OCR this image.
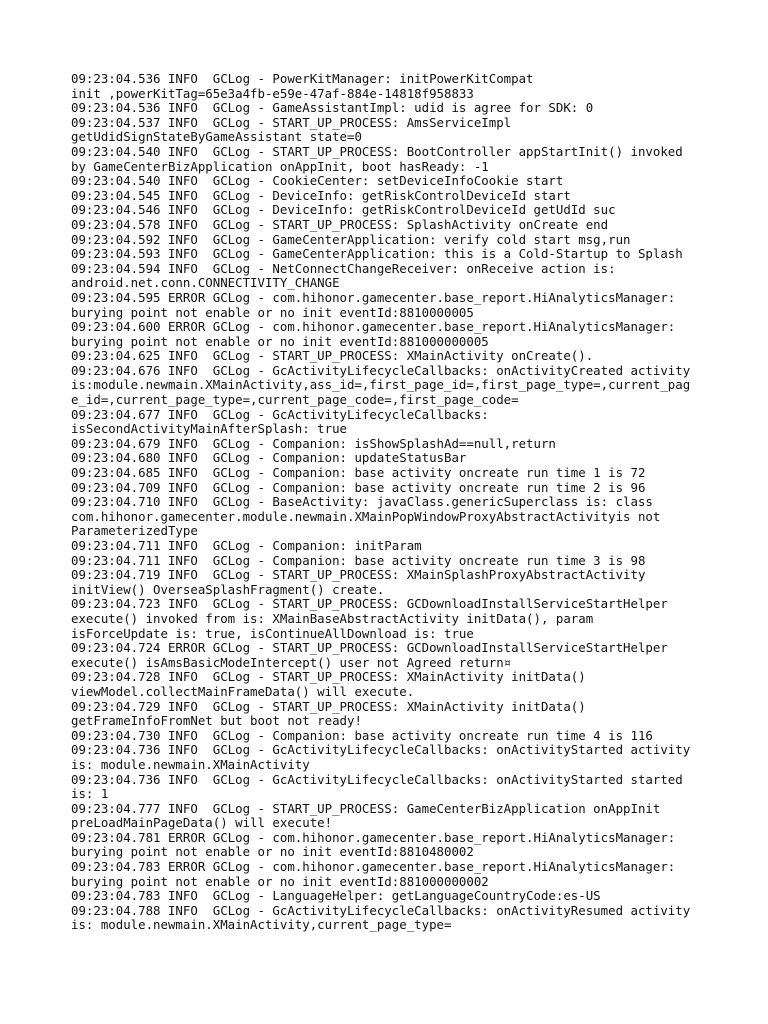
09:23:04.536 INFO  GCLog - PowerKitManager: initPowerKitCompat
init ,powerKitTag=65e3a4fb-e59e-47af-884e-14818f958833
09:23:04.536 INFO  GCLog - GameAssistantImpl: udid is agree for SDK: 0
09:23:04.537 INFO  GCLog - START_UP_PROCESS: AmsServiceImpl
getUdidSignStateByGameAssistant state=0
09:23:04.540 INFO  GCLog - START_UP_PROCESS: BootController appStartInit() invoked
by GameCenterBizApplication onAppInit, boot hasReady: -1
09:23:04.540 INFO  GCLog - CookieCenter: setDeviceInfoCookie start
09:23:04.545 INFO  GCLog - DeviceInfo: getRiskControlDeviceId start
09:23:04.546 INFO  GCLog - DeviceInfo: getRiskControlDeviceId getUdId suc
09:23:04.578 INFO  GCLog - START_UP_PROCESS: SplashActivity onCreate end
09:23:04.592 INFO  GCLog - GameCenterApplication: verify cold start msg,run
09:23:04.593 INFO  GCLog - GameCenterApplication: this is a Cold-Startup to Splash
09:23:04.594 INFO  GCLog - NetConnectChangeReceiver: onReceive action is:
android.net.conn.CONNECTIVITY_CHANGE
09:23:04.595 ERROR GCLog - com.hihonor.gamecenter.base_report.HiAnalyticsManager:
burying point not enable or no init eventId:8810000005
09:23:04.600 ERROR GCLog - com.hihonor.gamecenter.base_report.HiAnalyticsManager:
burying point not enable or no init eventId:881000000005
09:23:04.625 INFO  GCLog - START_UP_PROCESS: XMainActivity onCreate().
09:23:04.676 INFO  GCLog - GcActivityLifecycleCallbacks: onActivityCreated activity
is:module.newmain.XMainActivity,ass_id=,first_page_id=,first_page_type=,current_pag
e_id=,current_page_type=,current_page_code=,first_page_code=
09:23:04.677 INFO  GCLog - GcActivityLifecycleCallbacks:
isSecondActivityMainAfterSplash: true
09:23:04.679 INFO  GCLog - Companion: isShowSplashAd==null,return
09:23:04.680 INFO  GCLog - Companion: updateStatusBar
09:23:04.685 INFO  GCLog - Companion: base activity oncreate run time 1 is 72
09:23:04.709 INFO  GCLog - Companion: base activity oncreate run time 2 is 96
09:23:04.710 INFO  GCLog - BaseActivity: javaClass.genericSuperclass is: class
com.hihonor.gamecenter.module.newmain.XMainPopWindowProxyAbstractActivityis not
ParameterizedType
09:23:04.711 INFO  GCLog - Companion: initParam
09:23:04.711 INFO  GCLog - Companion: base activity oncreate run time 3 is 98
09:23:04.719 INFO  GCLog - START_UP_PROCESS: XMainSplashProxyAbstractActivity
initView() OverseaSplashFragment() create.
09:23:04.723 INFO  GCLog - START_UP_PROCESS: GCDownloadInstallServiceStartHelper
execute() invoked from is: XMainBaseAbstractActivity initData(), param
isForceUpdate is: true, isContinueAllDownload is: true
09:23:04.724 ERROR GCLog - START_UP_PROCESS: GCDownloadInstallServiceStartHelper
execute() isAmsBasicModeIntercept() user not Agreed return¤
09:23:04.728 INFO  GCLog - START_UP_PROCESS: XMainActivity initData()
viewModel.collectMainFrameData() will execute.
09:23:04.729 INFO  GCLog - START_UP_PROCESS: XMainActivity initData()
getFrameInfoFromNet but boot not ready!
09:23:04.730 INFO  GCLog - Companion: base activity oncreate run time 4 is 116
09:23:04.736 INFO  GCLog - GcActivityLifecycleCallbacks: onActivityStarted activity
is: module.newmain.XMainActivity
09:23:04.736 INFO  GCLog - GcActivityLifecycleCallbacks: onActivityStarted started
is: 1
09:23:04.777 INFO  GCLog - START_UP_PROCESS: GameCenterBizApplication onAppInit
preLoadMainPageData() will execute!
09:23:04.781 ERROR GCLog - com.hihonor.gamecenter.base_report.HiAnalyticsManager:
burying point not enable or no init eventId:8810480002
09:23:04.783 ERROR GCLog - com.hihonor.gamecenter.base_report.HiAnalyticsManager:
burying point not enable or no init eventId:881000000002
09:23:04.783 INFO  GCLog - LanguageHelper: getLanguageCountryCode:es-US
09:23:04.788 INFO  GCLog - GcActivityLifecycleCallbacks: onActivityResumed activity
is: module.newmain.XMainActivity,current_page_type=
